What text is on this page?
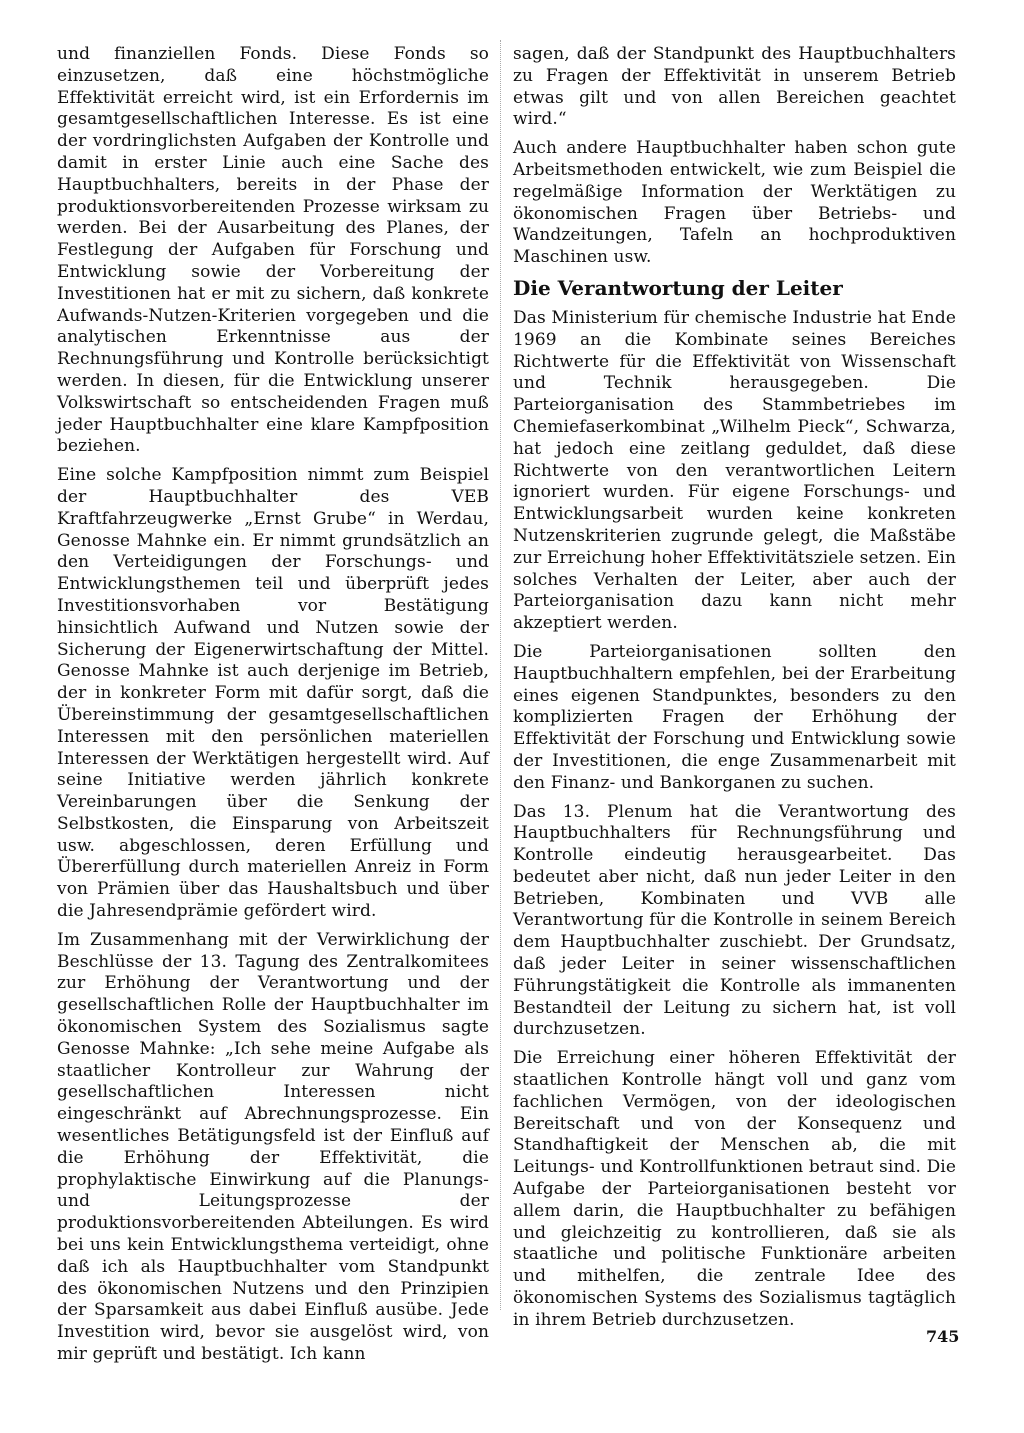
und finanziellen Fonds. Diese Fonds so einzusetzen, daß eine höchstmögliche Effektivität erreicht wird, ist ein Erfordernis im gesamtgesellschaftlichen Interesse. Es ist eine der vordringlichsten Aufgaben der Kontrolle und damit in erster Linie auch eine Sache des Hauptbuchhalters, bereits in der Phase der produktionsvorbereitenden Prozesse wirksam zu werden. Bei der Ausarbeitung des Planes, der Festlegung der Aufgaben für Forschung und Entwicklung sowie der Vorbereitung der Investitionen hat er mit zu sichern, daß konkrete Aufwands-Nutzen-Kriterien vorgegeben und die analytischen Erkenntnisse aus der Rechnungsführung und Kontrolle berücksichtigt werden. In diesen, für die Entwicklung unserer Volkswirtschaft so entscheidenden Fragen muß jeder Hauptbuchhalter eine klare Kampfposition beziehen.

Eine solche Kampfposition nimmt zum Beispiel der Hauptbuchhalter des VEB Kraftfahrzeugwerke „Ernst Grube“ in Werdau, Genosse Mahnke ein. Er nimmt grundsätzlich an den Verteidigungen der Forschungs- und Entwicklungsthemen teil und überprüft jedes Investitionsvorhaben vor Bestätigung hinsichtlich Aufwand und Nutzen sowie der Sicherung der Eigenerwirtschaftung der Mittel. Genosse Mahnke ist auch derjenige im Betrieb, der in konkreter Form mit dafür sorgt, daß die Übereinstimmung der gesamtgesellschaftlichen Interessen mit den persönlichen materiellen Interessen der Werktätigen hergestellt wird. Auf seine Initiative werden jährlich konkrete Vereinbarungen über die Senkung der Selbstkosten, die Einsparung von Arbeitszeit usw. abgeschlossen, deren Erfüllung und Übererfüllung durch materiellen Anreiz in Form von Prämien über das Haushaltsbuch und über die Jahresendprämie gefördert wird.

Im Zusammenhang mit der Verwirklichung der Beschlüsse der 13. Tagung des Zentralkomitees zur Erhöhung der Verantwortung und der gesellschaftlichen Rolle der Hauptbuchhalter im ökonomischen System des Sozialismus sagte Genosse Mahnke: „Ich sehe meine Aufgabe als staatlicher Kontrolleur zur Wahrung der gesellschaftlichen Interessen nicht eingeschränkt auf Abrechnungsprozesse. Ein wesentliches Betätigungsfeld ist der Einfluß auf die Erhöhung der Effektivität, die prophylaktische Einwirkung auf die Planungs- und Leitungsprozesse der produktionsvorbereitenden Abteilungen. Es wird bei uns kein Entwicklungsthema verteidigt, ohne daß ich als Hauptbuchhalter vom Standpunkt des ökonomischen Nutzens und den Prinzipien der Sparsamkeit aus dabei Einfluß ausübe. Jede Investition wird, bevor sie ausgelöst wird, von mir geprüft und bestätigt. Ich kann

sagen, daß der Standpunkt des Hauptbuchhalters zu Fragen der Effektivität in unserem Betrieb etwas gilt und von allen Bereichen geachtet wird.“

Auch andere Hauptbuchhalter haben schon gute Arbeitsmethoden entwickelt, wie zum Beispiel die regelmäßige Information der Werktätigen zu ökonomischen Fragen über Betriebs- und Wandzeitungen, Tafeln an hochproduktiven Maschinen usw.

Die Verantwortung der Leiter

Das Ministerium für chemische Industrie hat Ende 1969 an die Kombinate seines Bereiches Richtwerte für die Effektivität von Wissenschaft und Technik herausgegeben. Die Parteiorganisation des Stammbetriebes im Chemiefaserkombinat „Wilhelm Pieck“, Schwarza, hat jedoch eine zeitlang geduldet, daß diese Richtwerte von den verantwortlichen Leitern ignoriert wurden. Für eigene Forschungs- und Entwicklungsarbeit wurden keine konkreten Nutzenskriterien zugrunde gelegt, die Maßstäbe zur Erreichung hoher Effektivitätsziele setzen. Ein solches Verhalten der Leiter, aber auch der Parteiorganisation dazu kann nicht mehr akzeptiert werden.

Die Parteiorganisationen sollten den Hauptbuchhaltern empfehlen, bei der Erarbeitung eines eigenen Standpunktes, besonders zu den komplizierten Fragen der Erhöhung der Effektivität der Forschung und Entwicklung sowie der Investitionen, die enge Zusammenarbeit mit den Finanz- und Bankorganen zu suchen.

Das 13. Plenum hat die Verantwortung des Hauptbuchhalters für Rechnungsführung und Kontrolle eindeutig herausgearbeitet. Das bedeutet aber nicht, daß nun jeder Leiter in den Betrieben, Kombinaten und VVB alle Verantwortung für die Kontrolle in seinem Bereich dem Hauptbuchhalter zuschiebt. Der Grundsatz, daß jeder Leiter in seiner wissenschaftlichen Führungstätigkeit die Kontrolle als immanenten Bestandteil der Leitung zu sichern hat, ist voll durchzusetzen.

Die Erreichung einer höheren Effektivität der staatlichen Kontrolle hängt voll und ganz vom fachlichen Vermögen, von der ideologischen Bereitschaft und von der Konsequenz und Standhaftigkeit der Menschen ab, die mit Leitungs- und Kontrollfunktionen betraut sind. Die Aufgabe der Parteiorganisationen besteht vor allem darin, die Hauptbuchhalter zu befähigen und gleichzeitig zu kontrollieren, daß sie als staatliche und politische Funktionäre arbeiten und mithelfen, die zentrale Idee des ökonomischen Systems des Sozialismus tagtäglich in ihrem Betrieb durchzusetzen.

745
